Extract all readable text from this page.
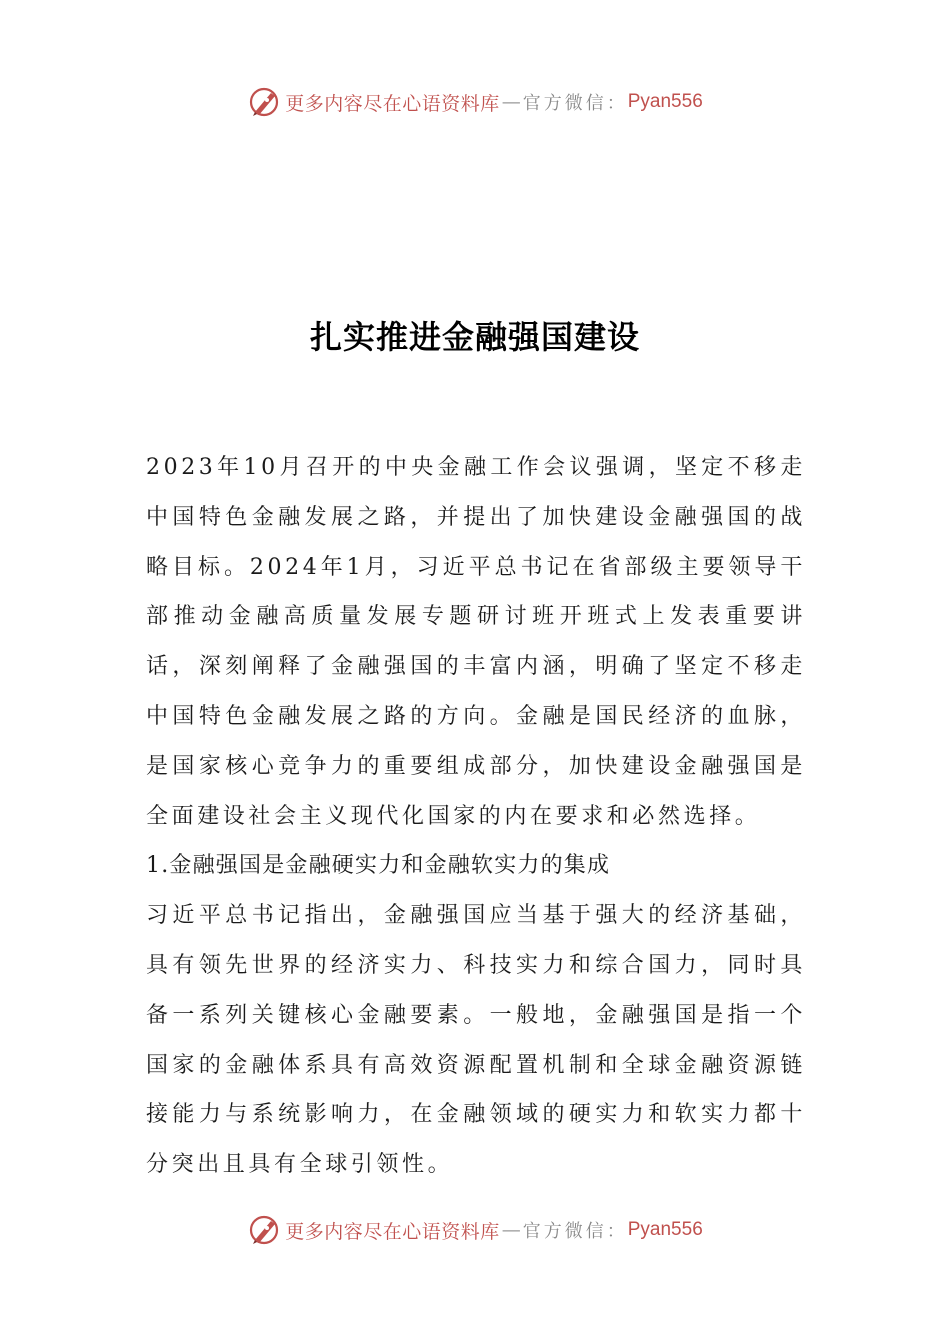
更多内容尽在心语资料库 — 官方微信： Pyan556
扎实推进金融强国建设

2023年10月召开的中央金融工作会议强调，坚定不移走中国特色金融发展之路，并提出了加快建设金融强国的战略目标。2024年1月，习近平总书记在省部级主要领导干部推动金融高质量发展专题研讨班开班式上发表重要讲话，深刻阐释了金融强国的丰富内涵，明确了坚定不移走中国特色金融发展之路的方向。金融是国民经济的血脉，是国家核心竞争力的重要组成部分，加快建设金融强国是全面建设社会主义现代化国家的内在要求和必然选择。

1.金融强国是金融硬实力和金融软实力的集成

习近平总书记指出，金融强国应当基于强大的经济基础，具有领先世界的经济实力、科技实力和综合国力，同时具备一系列关键核心金融要素。一般地，金融强国是指一个国家的金融体系具有高效资源配置机制和全球金融资源链接能力与系统影响力，在金融领域的硬实力和软实力都十分突出且具有全球引领性。

更多内容尽在心语资料库 — 官方微信： Pyan556
